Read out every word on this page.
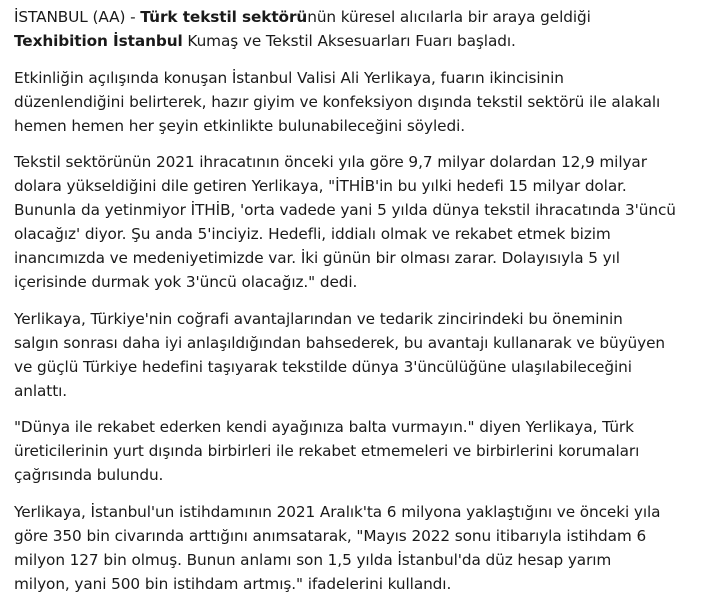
İSTANBUL (AA) - Türk tekstil sektörünün küresel alıcılarla bir araya geldiği
Texhibition İstanbul Kumaş ve Tekstil Aksesuarları Fuarı başladı.

Etkinliğin açılışında konuşan İstanbul Valisi Ali Yerlikaya, fuarın ikincisinin
düzenlendiğini belirterek, hazır giyim ve konfeksiyon dışında tekstil sektörü ile alakalı
hemen hemen her şeyin etkinlikte bulunabileceğini söyledi.

Tekstil sektörünün 2021 ihracatının önceki yıla göre 9,7 milyar dolardan 12,9 milyar
dolara yükseldiğini dile getiren Yerlikaya, "İTHİB'in bu yılki hedefi 15 milyar dolar.
Bununla da yetinmiyor İTHİB, 'orta vadede yani 5 yılda dünya tekstil ihracatında 3'üncü
olacağız' diyor. Şu anda 5'inciyiz. Hedefli, iddialı olmak ve rekabet etmek bizim
inancımızda ve medeniyetimizde var. İki günün bir olması zarar. Dolayısıyla 5 yıl
içerisinde durmak yok 3'üncü olacağız." dedi.

Yerlikaya, Türkiye'nin coğrafi avantajlarından ve tedarik zincirindeki bu öneminin
salgın sonrası daha iyi anlaşıldığından bahsederek, bu avantajı kullanarak ve büyüyen
ve güçlü Türkiye hedefini taşıyarak tekstilde dünya 3'üncülüğüne ulaşılabileceğini
anlattı.

"Dünya ile rekabet ederken kendi ayağınıza balta vurmayın." diyen Yerlikaya, Türk
üreticilerinin yurt dışında birbirleri ile rekabet etmemeleri ve birbirlerini korumaları
çağrısında bulundu.

Yerlikaya, İstanbul'un istihdamının 2021 Aralık'ta 6 milyona yaklaştığını ve önceki yıla
göre 350 bin civarında arttığını anımsatarak, "Mayıs 2022 sonu itibarıyla istihdam 6
milyon 127 bin olmuş. Bunun anlamı son 1,5 yılda İstanbul'da düz hesap yarım
milyon, yani 500 bin istihdam artmış." ifadelerini kullandı.
